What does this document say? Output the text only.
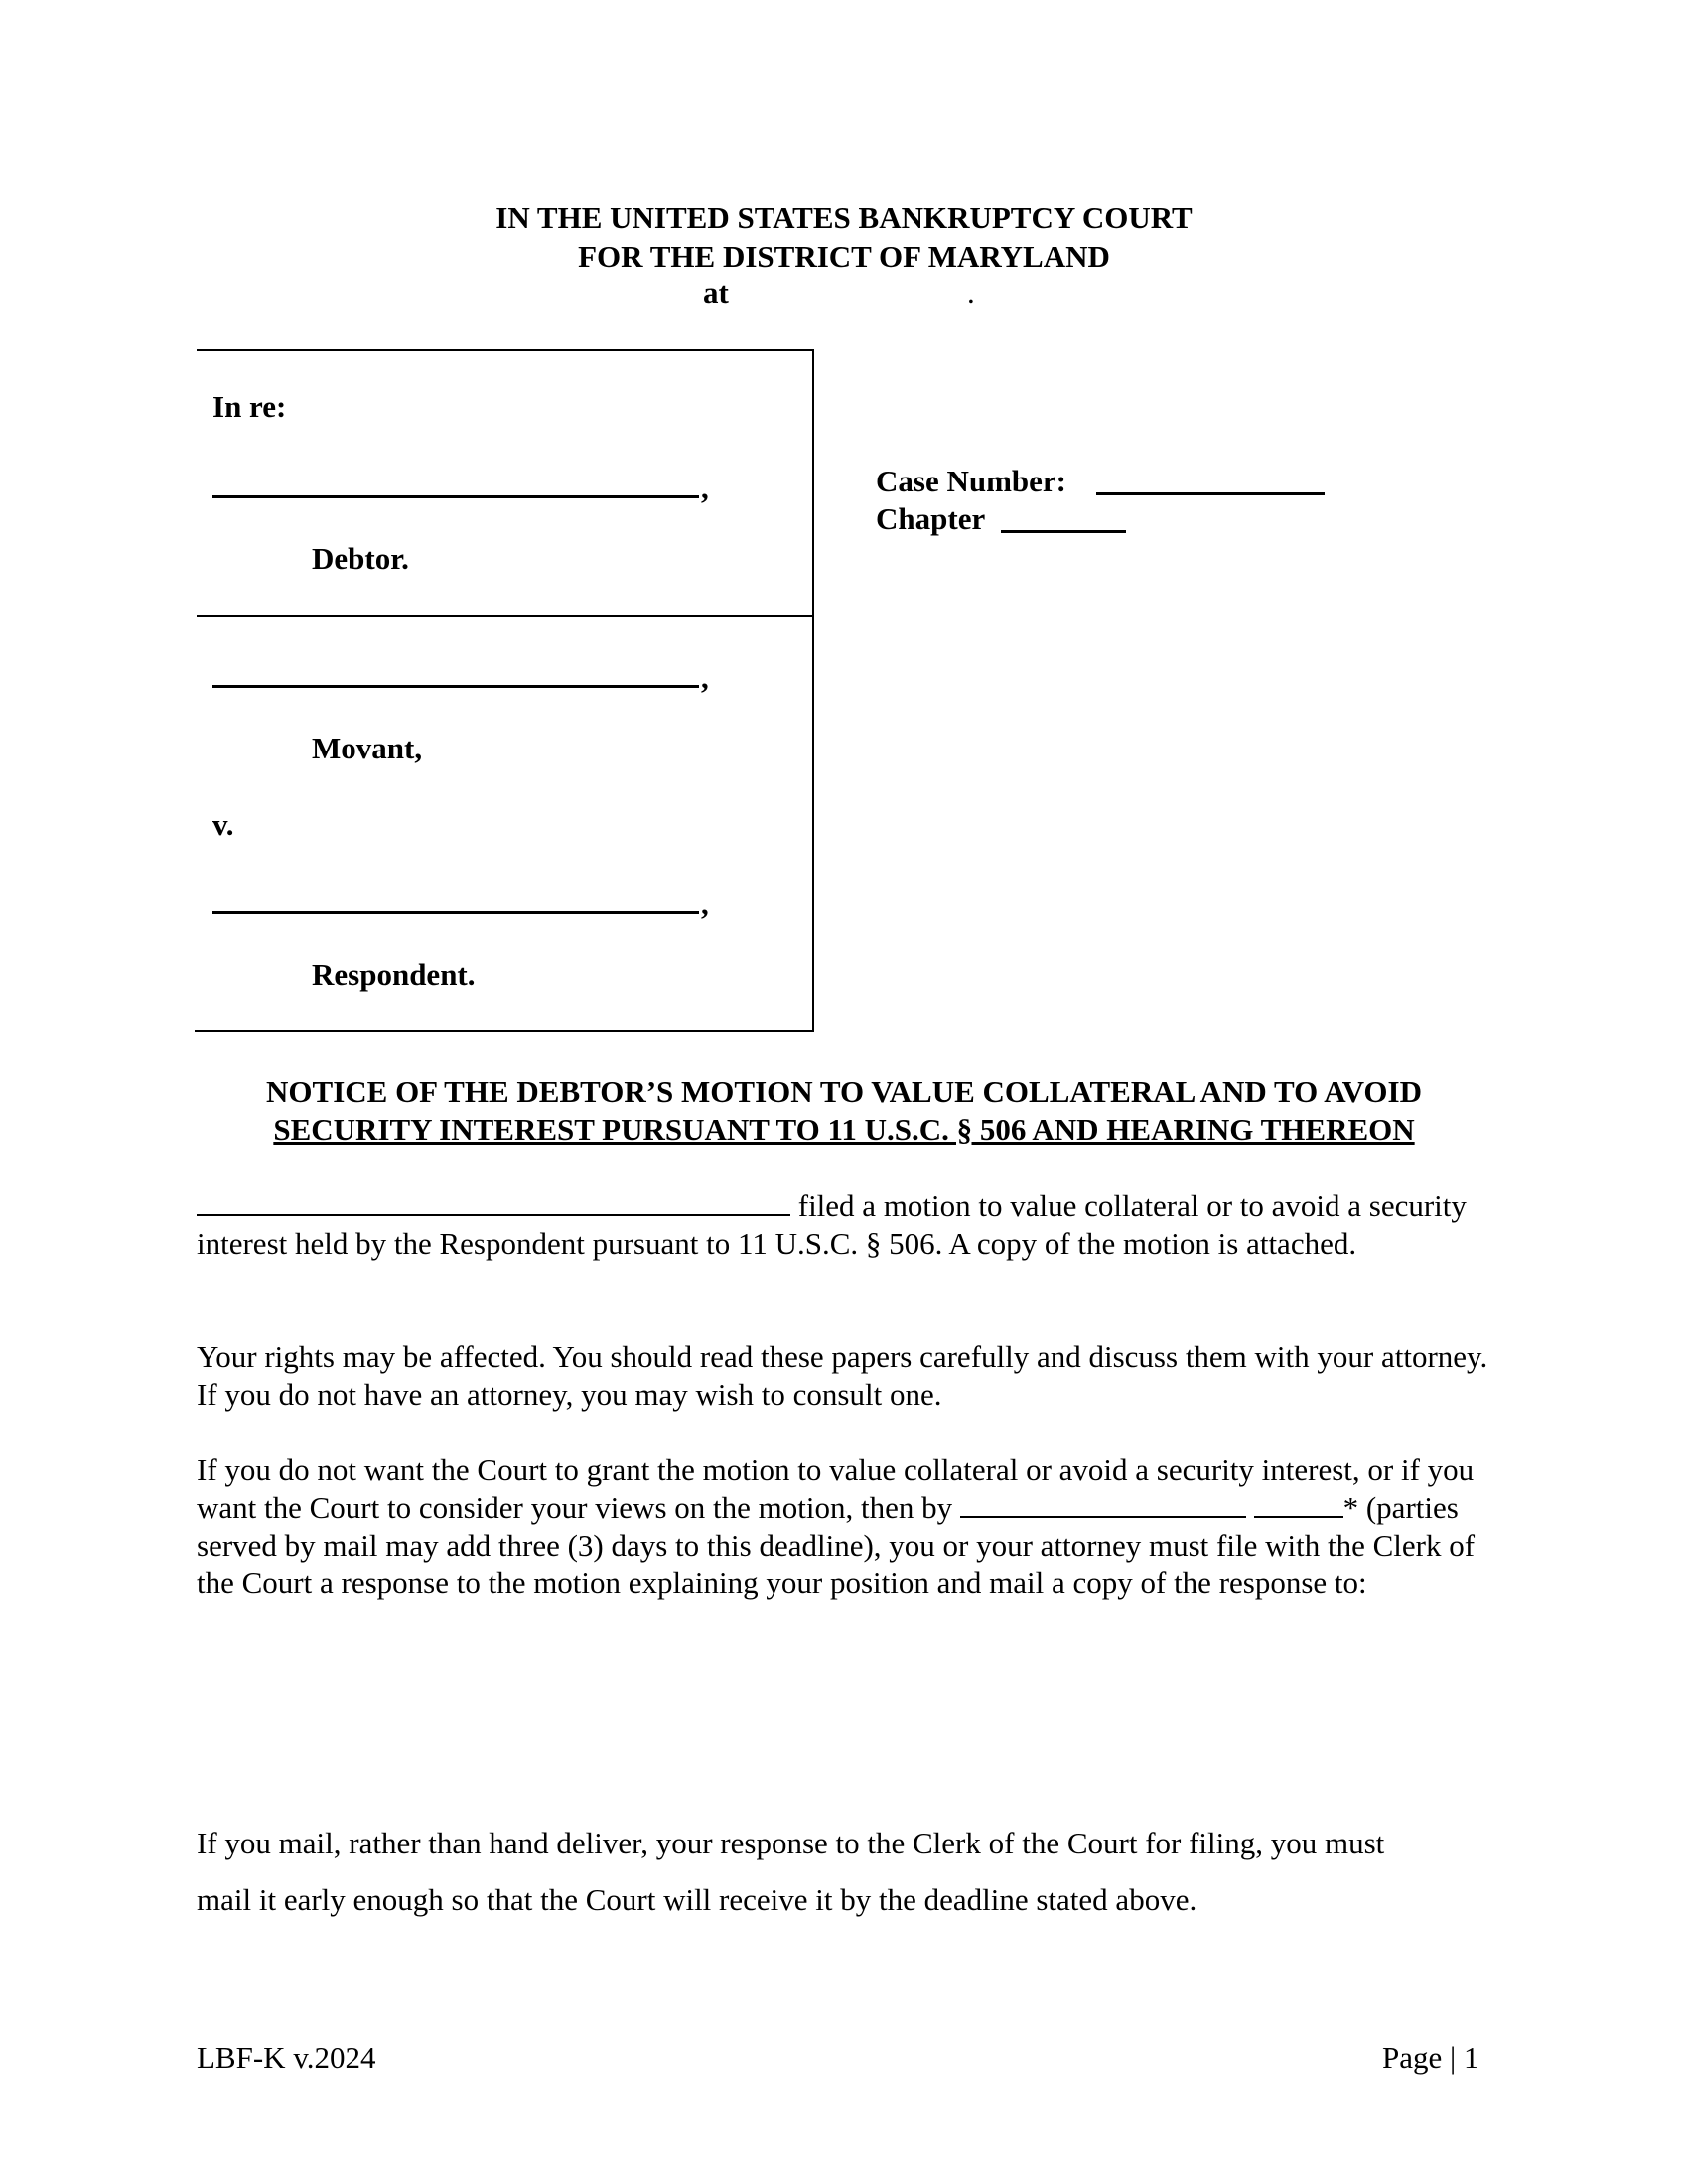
IN THE UNITED STATES BANKRUPTCY COURT
FOR THE DISTRICT OF MARYLAND
at	.
In re:
,
Debtor.
,
Movant,
v.
,
Respondent.
Case Number:
Chapter
NOTICE OF THE DEBTOR’S MOTION TO VALUE COLLATERAL AND TO AVOID
SECURITY INTEREST PURSUANT TO 11 U.S.C. § 506 AND HEARING THEREON
filed a motion to value collateral or to avoid a security interest held by the Respondent pursuant to 11 U.S.C. § 506. A copy of the motion is attached.
Your rights may be affected. You should read these papers carefully and discuss them with your attorney. If you do not have an attorney, you may wish to consult one.
If you do not want the Court to grant the motion to value collateral or avoid a security interest, or if you want the Court to consider your views on the motion, then by	* (parties served by mail may add three (3) days to this deadline), you or your attorney must file with the Clerk of the Court a response to the motion explaining your position and mail a copy of the response to:
If you mail, rather than hand deliver, your response to the Clerk of the Court for filing, you must
mail it early enough so that the Court will receive it by the deadline stated above.
LBF-K v.2024	Page | 1
